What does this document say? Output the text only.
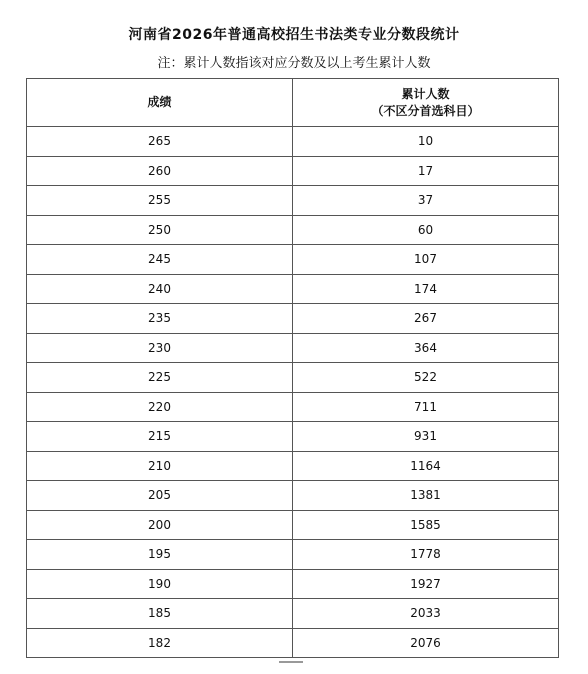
河南省2026年普通高校招生书法类专业分数段统计
注：累计人数指该对应分数及以上考生累计人数
成绩	累计人数
（不区分首选科目）

265	10
260	17
255	37
250	60
245	107
240	174
235	267
230	364
225	522
220	711
215	931
210	1164
205	1381
200	1585
195	1778
190	1927
185	2033
182	2076
